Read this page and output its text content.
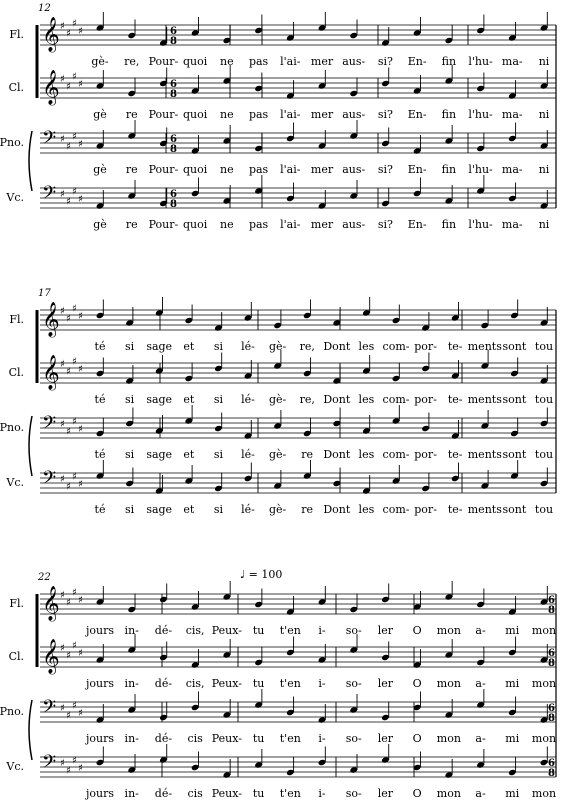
12
Fl. 𝄞 ♯
♯
♯
♯	6
8
gè- re, Pour- quoi ne pas l'ai- mer aus- si? En- fin l'hu- ma- ni
Cl. 𝄞 ♯
♯
♯
♯	6
8
gè re Pour- quoi ne pas l'ai- mer aus- si? En- fin l'hu- ma- ni
Pno. 𝄢 ♯
♯
♯
♯	6
8
gè re Pour- quoi ne pas l'ai- mer aus- si? En- fin l'hu- ma- ni
Vc. 𝄢 ♯
♯
♯
♯	6
8
gè re Pour- quoi ne pas l'ai- mer aus- si? En- fin l'hu- ma- ni
17
Fl. 𝄞 ♯
♯
♯
♯
té si sage et si lé- gè- re, Dont les com- por- te- ments sont tou
Cl. 𝄞 ♯
♯
♯
♯
té si sage et si lé- gè- re, Dont les com- por- te- ments sont tou
Pno. 𝄢 ♯
♯
♯
♯
té si sage et si lé- gè- re Dont les com- por- te- ments sont tou
Vc. 𝄢 ♯
♯
♯
♯
té si sage et si lé- gè- re Dont les com- por- te- ments sont tou
22	♩ = 100
Fl. 𝄞 ♯
♯
♯
♯	6
8
jours in- dé- cis, Peux- tu t'en i- so- ler O mon a- mi mon
Cl. 𝄞 ♯
♯
♯
♯	6
8
jours in- dé- cis, Peux- tu t'en i- so- ler O mon a- mi mon
Pno. 𝄢 ♯
♯
♯
♯	6
8
jours in- dé- cis Peux- tu t'en i- so- ler O mon a- mi mon
Vc. 𝄢 ♯
♯
♯
♯	6
8
jours in- dé- cis Peux- tu t'en i- so- ler O mon a- mi mon
